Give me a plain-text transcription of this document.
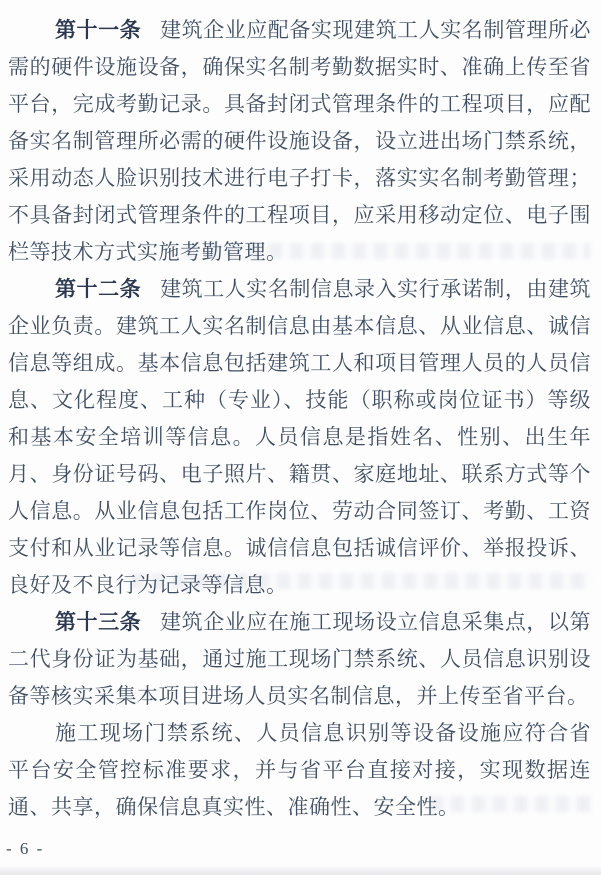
第十一条 建筑企业应配备实现建筑工人实名制管理所必需的硬件设施设备，确保实名制考勤数据实时、准确上传至省平台，完成考勤记录。具备封闭式管理条件的工程项目，应配备实名制管理所必需的硬件设施设备，设立进出场门禁系统，采用动态人脸识别技术进行电子打卡，落实实名制考勤管理；不具备封闭式管理条件的工程项目，应采用移动定位、电子围栏等技术方式实施考勤管理。

第十二条 建筑工人实名制信息录入实行承诺制，由建筑企业负责。建筑工人实名制信息由基本信息、从业信息、诚信信息等组成。基本信息包括建筑工人和项目管理人员的人员信息、文化程度、工种（专业）、技能（职称或岗位证书）等级和基本安全培训等信息。人员信息是指姓名、性别、出生年月、身份证号码、电子照片、籍贯、家庭地址、联系方式等个人信息。从业信息包括工作岗位、劳动合同签订、考勤、工资支付和从业记录等信息。诚信信息包括诚信评价、举报投诉、良好及不良行为记录等信息。

第十三条 建筑企业应在施工现场设立信息采集点，以第二代身份证为基础，通过施工现场门禁系统、人员信息识别设备等核实采集本项目进场人员实名制信息，并上传至省平台。

施工现场门禁系统、人员信息识别等设备设施应符合省平台安全管控标准要求，并与省平台直接对接，实现数据连通、共享，确保信息真实性、准确性、安全性。

- 6 -
